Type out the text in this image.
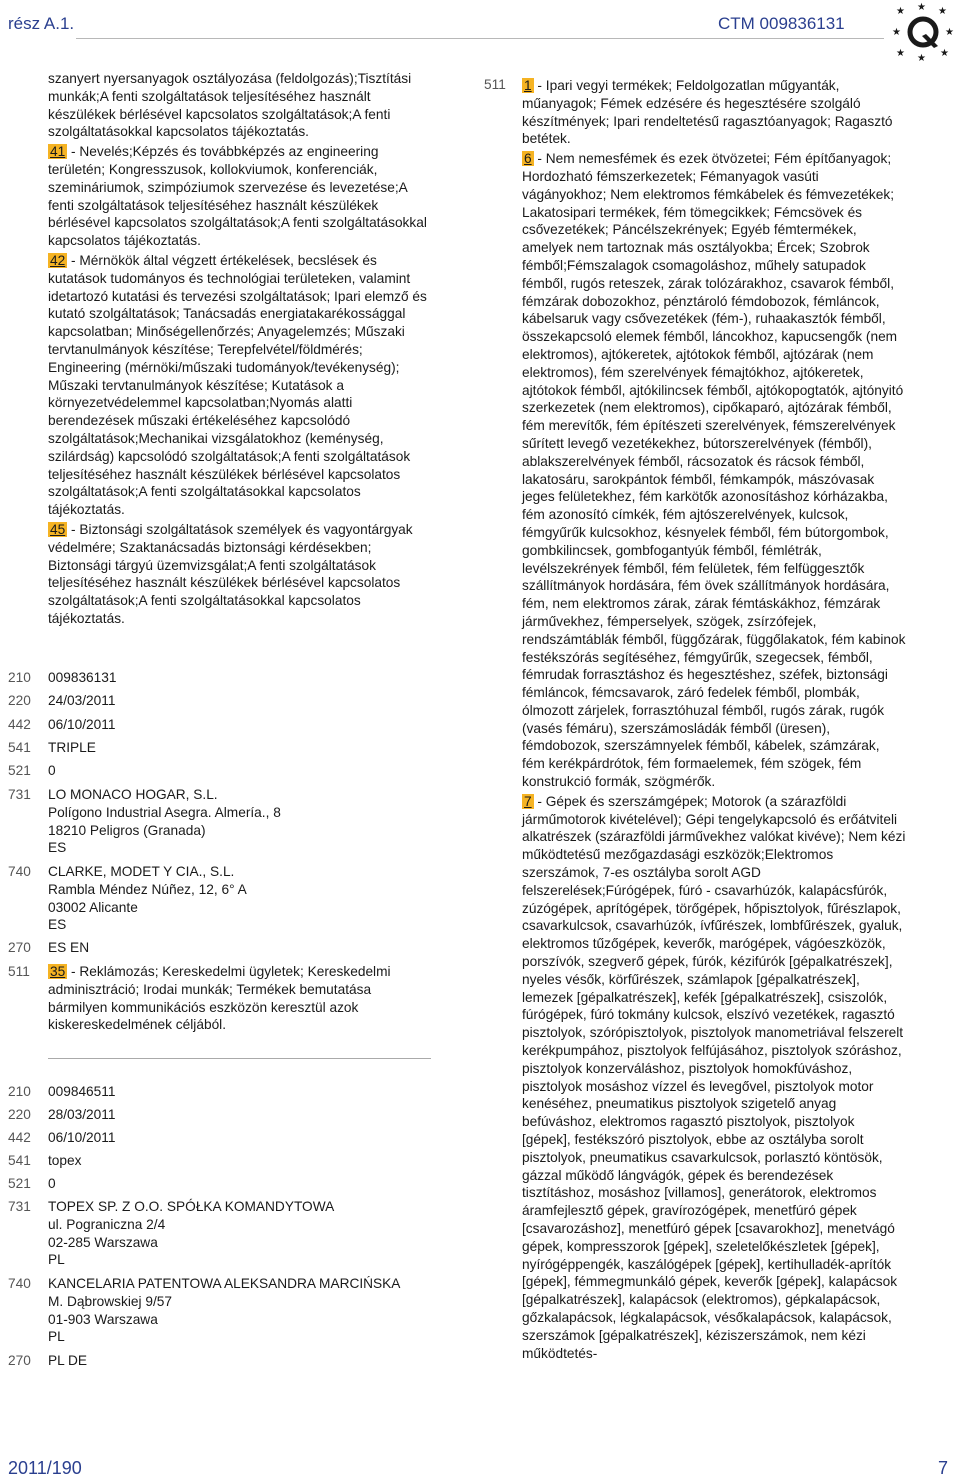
rész A.1.	CTM 009836131
★ ★ ★
★	★
★ ★ ★

szanyert nyersanyagok osztályozása (feldolgozás);Tisztítási munkák;A fenti szolgáltatások teljesítéséhez használt készülékek bérlésével kapcsolatos szolgáltatások;A fenti szolgáltatásokkal kapcsolatos tájékoztatás.

41 - Nevelés;Képzés és továbbképzés az engineering területén; Kongresszusok, kollokviumok, konferenciák, szemináriumok, szimpóziumok szervezése és levezetése;A fenti szolgáltatások teljesítéséhez használt készülékek bérlésével kapcsolatos szolgáltatások;A fenti szolgáltatásokkal kapcsolatos tájékoztatás.

42 - Mérnökök által végzett értékelések, becslések és kutatások tudományos és technológiai területeken, valamint idetartozó kutatási és tervezési szolgáltatások; Ipari elemző és kutató szolgáltatások; Tanácsadás energiatakarékossággal kapcsolatban; Minőségellenőrzés; Anyagelemzés; Műszaki tervtanulmányok készítése; Terepfelvétel/földmérés; Engineering (mérnöki/műszaki tudományok/tevékenység); Műszaki tervtanulmányok készítése; Kutatások a környezetvédelemmel kapcsolatban;Nyomás alatti berendezések műszaki értékeléséhez kapcsolódó szolgáltatások;Mechanikai vizsgálatokhoz (keménység, szilárdság) kapcsolódó szolgáltatások;A fenti szolgáltatások teljesítéséhez használt készülékek bérlésével kapcsolatos szolgáltatások;A fenti szolgáltatásokkal kapcsolatos tájékoztatás.

45 - Biztonsági szolgáltatások személyek és vagyontárgyak védelmére; Szaktanácsadás biztonsági kérdésekben; Biztonsági tárgyú üzemvizsgálat;A fenti szolgáltatások teljesítéséhez használt készülékek bérlésével kapcsolatos szolgáltatások;A fenti szolgáltatásokkal kapcsolatos tájékoztatás.

210 009836131
220 24/03/2011
442 06/10/2011
541 TRIPLE
521 0
731 LO MONACO HOGAR, S.L.
Polígono Industrial Asegra. Almería., 8
18210 Peligros (Granada)
ES
740 CLARKE, MODET Y CIA., S.L.
Rambla Méndez Núñez, 12, 6° A
03002 Alicante
ES
270 ES EN
511 35 - Reklámozás; Kereskedelmi ügyletek; Kereskedelmi adminisztráció; Irodai munkák; Termékek bemutatása bármilyen kommunikációs eszközön keresztül azok kiskereskedelmének céljából.
210 009846511
220 28/03/2011
442 06/10/2011
541 topex
521 0
731 TOPEX SP. Z O.O. SPÓŁKA KOMANDYTOWA
ul. Pograniczna 2/4
02-285 Warszawa
PL
740 KANCELARIA PATENTOWA ALEKSANDRA MARCIŃSKA
M. Dąbrowskiej 9/57
01-903 Warszawa
PL
270 PL DE
511 1 - Ipari vegyi termékek; Feldolgozatlan műgyanták, műanyagok; Fémek edzésére és hegesztésére szolgáló készítmények; Ipari rendeltetésű ragasztóanyagok; Ragasztó betétek.

6 - Nem nemesfémek és ezek ötvözetei; Fém építőanyagok; Hordozható fémszerkezetek; Fémanyagok vasúti vágányokhoz; Nem elektromos fémkábelek és fémvezetékek; Lakatosipari termékek, fém tömegcikkek; Fémcsövek és csővezetékek; Páncélszekrények; Egyéb fémtermékek, amelyek nem tartoznak más osztályokba; Ércek; Szobrok fémből;Fémszalagok csomagoláshoz, műhely satupadok fémből, rugós reteszek, zárak tolózárakhoz, csavarok fémből, fémzárak dobozokhoz, pénztároló fémdobozok, fémláncok, kábelsaruk vagy csővezetékek (fém-), ruhaakasztók fémből, összekapcsoló elemek fémből, láncokhoz, kapucsengők (nem elektromos), ajtókeretek, ajtótokok fémből, ajtózárak (nem elektromos), fém szerelvények fémajtókhoz, ajtókeretek, ajtótokok fémből, ajtókilincsek fémből, ajtókopogtatók, ajtónyitó szerkezetek (nem elektromos), cipőkaparó, ajtózárak fémből, fém merevítők, fém építészeti szerelvények, fémszerelvények sűrített levegő vezetékekhez, bútorszerelvények (fémből), ablakszerelvények fémből, rácsozatok és rácsok fémből, lakatosáru, sarokpántok fémből, fémkampók, mászóvasak jeges felületekhez, fém karkötők azonosításhoz kórházakba, fém azonosító címkék, fém ajtószerelvények, kulcsok, fémgyűrűk kulcsokhoz, késnyelek fémből, fém bútorgombok, gombkilincsek, gombfogantyúk fémből, fémlétrák, levélszekrények fémből, fém felületek, fém felfüggesztők szállítmányok hordására, fém övek szállítmányok hordására, fém, nem elektromos zárak, zárak fémtáskákhoz, fémzárak járművekhez, fémperselyek, szögek, zsírzófejek, rendszámtáblák fémből, függőzárak, függőlakatok, fém kabinok festékszórás segítéséhez, fémgyűrűk, szegecsek, fémből, fémrudak forrasztáshoz és hegesztéshez, széfek, biztonsági fémláncok, fémcsavarok, záró fedelek fémből, plombák, ólmozott zárjelek, forrasztóhuzal fémből, rugós zárak, rugók (vasés fémáru), szerszámosládák fémből (üresen), fémdobozok, szerszámnyelek fémből, kábelek, számzárak, fém kerékpárdrótok, fém formaelemek, fém szögek, fém konstrukció formák, szögmérők.

7 - Gépek és szerszámgépek; Motorok (a szárazföldi járműmotorok kivételével); Gépi tengelykapcsoló és erőátviteli alkatrészek (szárazföldi járművekhez valókat kivéve); Nem kézi működtetésű mezőgazdasági eszközök;Elektromos szerszámok, 7-es osztályba sorolt AGD felszerelések;Fúrógépek, fúró - csavarhúzók, kalapácsfúrók, zúzógépek, aprítógépek, törőgépek, hőpisztolyok, fűrészlapok, csavarkulcsok, csavarhúzók, ívfűrészek, lombfűrészek, gyaluk, elektromos tűzőgépek, keverők, marógépek, vágóeszközök, porszívók, szegverő gépek, fúrók, kézifúrók [gépalkatrészek], nyeles vésők, körfűrészek, számlapok [gépalkatrészek], lemezek [gépalkatrészek], kefék [gépalkatrészek], csiszolók, fúrógépek, fúró tokmány kulcsok, elszívó vezetékek, ragasztó pisztolyok, szórópisztolyok, pisztolyok manometriával felszerelt kerékpumpához, pisztolyok felfújásához, pisztolyok szóráshoz, pisztolyok konzerváláshoz, pisztolyok homokfúváshoz, pisztolyok mosáshoz vízzel és levegővel, pisztolyok motor kenéséhez, pneumatikus pisztolyok szigetelő anyag befúváshoz, elektromos ragasztó pisztolyok, pisztolyok [gépek], festékszóró pisztolyok, ebbe az osztályba sorolt pisztolyok, pneumatikus csavarkulcsok, porlasztó köntösök, gázzal működő lángvágók, gépek és berendezések tisztításhoz, mosáshoz [villamos], generátorok, elektromos áramfejlesztő gépek, gravírozógépek, menetfúró gépek [csavarozáshoz], menetfúró gépek [csavarokhoz], menetvágó gépek, kompresszorok [gépek], szeletelőkészletek [gépek], nyírógéppengék, kaszálógépek [gépek], kertihulladék-aprítók [gépek], fémmegmunkáló gépek, keverők [gépek], kalapácsok [gépalkatrészek], kalapácsok (elektromos), gépkalapácsok, gőzkalapácsok, légkalapácsok, vésőkalapácsok, kalapácsok, szerszámok [gépalkatrészek], kéziszerszámok, nem kézi működtetés-

2011/190	7
